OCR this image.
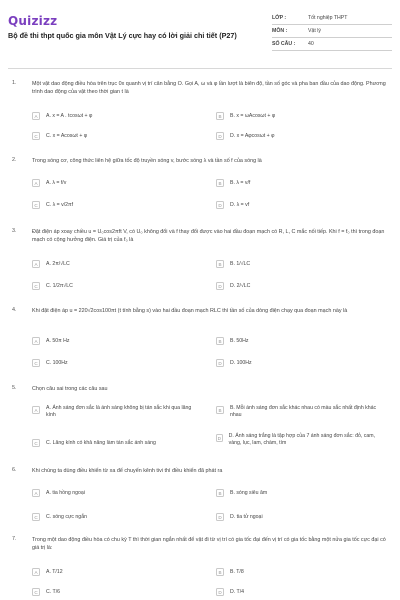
Quizizz
Bộ đề thi thpt quốc gia môn Vật Lý cực hay có lời giải chi tiết (P27)
LỚP :	Tốt nghiệp THPT
MÔN :	Vật lý
SỐ CÂU :	40
1.	Một vật dao động điều hòa trên trục 0x quanh vị trí cân bằng O. Gọi A, ω và φ lần lượt là biên độ, tần số góc và pha ban đầu của dao động. Phương trình dao động của vật theo thời gian t là
A	A. x = A . tcosωt + φ	B	B. x = ωAcosωt + φ
C	C. x = Acosωt + φ	D	D. x = Aφcosωt + φ
2.	Trong sóng cơ, công thức liên hệ giữa tốc độ truyền sóng v, bước sóng λ và tần số f của sóng là
A	A. λ = f/v	B	B. λ = v/f
C	C. λ = v/2πf	D	D. λ = vf
3.	Đặt điện áp xoay chiều u = U₀cos2πft V, có U₀ không đổi và f thay đổi được vào hai đầu đoạn mạch có R, L, C mắc nối tiếp. Khi f = f₀ thì trong đoạn mạch có cộng hưởng điện. Giá trị của f₀ là
A	A. 2π/√LC	B	B. 1/√LC
C	C. 1/2π√LC	D	D. 2/√LC
4.	Khi đặt điện áp u = 220√2cos100πt (t tính bằng s) vào hai đầu đoạn mạch RLC thì tần số của dòng điện chạy qua đoạn mạch này là
A	A. 50π Hz	B	B. 50Hz
C	C. 100Hz	D	D. 100Hz
5.	Chọn câu sai trong các câu sau
A	A. Ánh sáng đơn sắc là ánh sáng không bị tán sắc khi qua lăng kính
B	B. Mỗi ánh sáng đơn sắc khác nhau có màu sắc nhất định khác nhau
C	C. Lăng kính có khả năng làm tán sắc ánh sáng
D	D. Ánh sáng trắng là tập hợp của 7 ánh sáng đơn sắc: đỏ, cam, vàng, lục, lam, chàm, tím
6.	Khi chúng ta dùng điều khiển từ xa để chuyển kênh tivi thì điều khiển đã phát ra
A	A. tia hồng ngoại	B	B. sóng siêu âm
C	C. sóng cực ngắn	D	D. tia tử ngoại
7.	Trong một dao động điều hòa có chu kỳ T thì thời gian ngắn nhất để vật đi từ vị trí có gia tốc đại đến vị trí có gia tốc bằng một nửa gia tốc cực đại có giá trị là:
A	A. T/12	B	B. T/8
C	C. T/6	D	D. T/4
